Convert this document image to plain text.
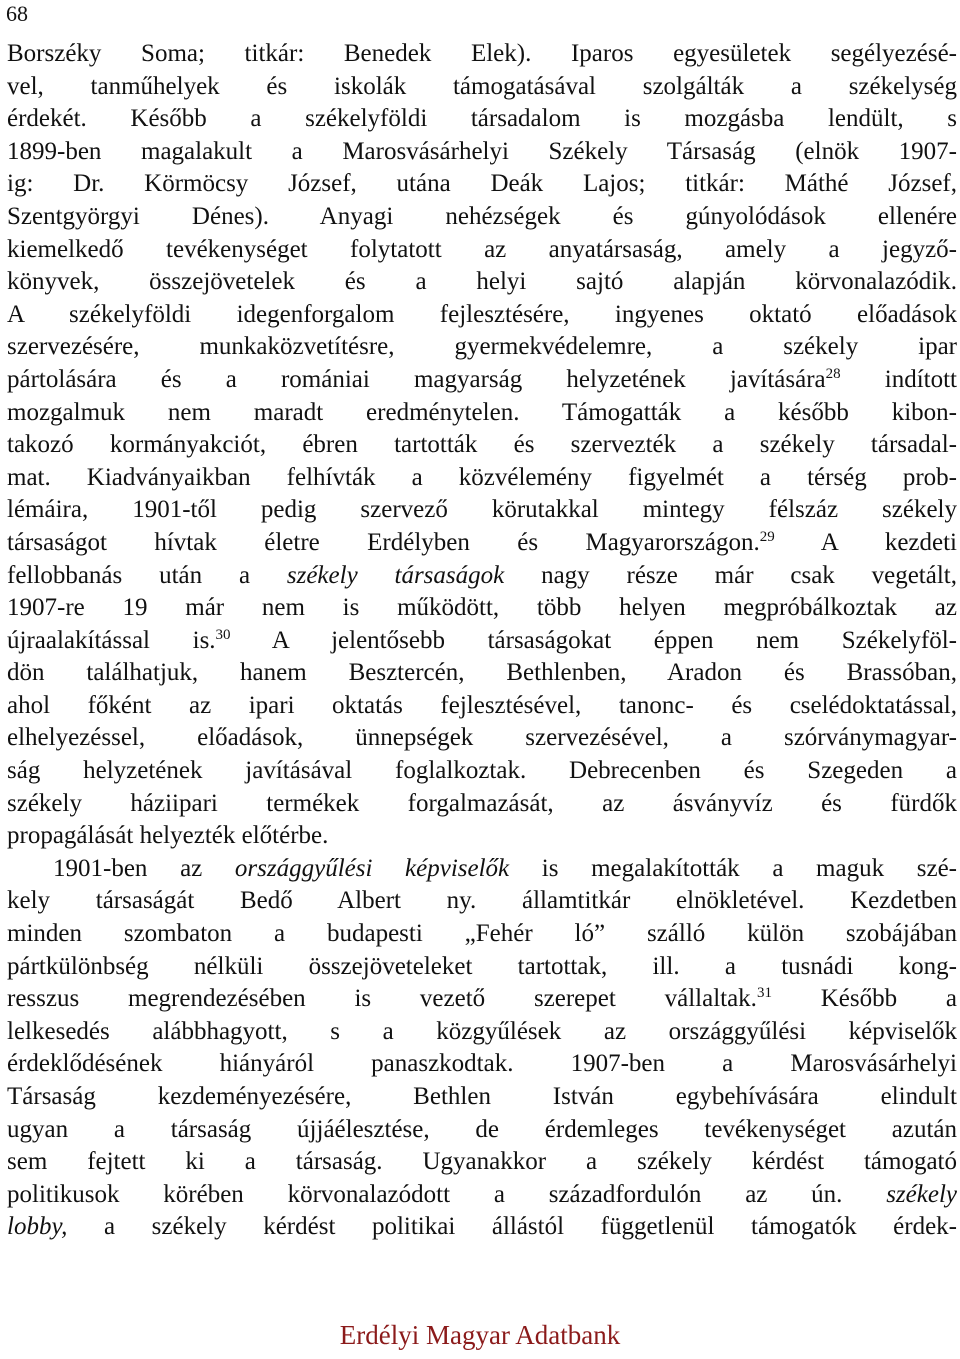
68
Borszéky Soma; titkár: Benedek Elek). Iparos egyesületek segélyezésé-
vel, tanműhelyek és iskolák támogatásával szolgálták a székelység
érdekét. Később a székelyföldi társadalom is mozgásba lendült, s
1899-ben magalakult a Marosvásárhelyi Székely Társaság (elnök 1907-
ig: Dr. Körmöcsy József, utána Deák Lajos; titkár: Máthé József,
Szentgyörgyi Dénes). Anyagi nehézségek és gúnyolódások ellenére
kiemelkedő tevékenységet folytatott az anyatársaság, amely a jegyző-
könyvek, összejövetelek és a helyi sajtó alapján körvonalazódik.
A székelyföldi idegenforgalom fejlesztésére, ingyenes oktató előadások
szervezésére, munkaközvetítésre, gyermekvédelemre, a székely ipar
pártolására és a romániai magyarság helyzetének javítására$^{28}$ indított
mozgalmuk nem maradt eredménytelen. Támogatták a később kibon-
takozó kormányakciót, ébren tartották és szervezték a székely társadal-
mat. Kiadványaikban felhívták a közvélemény figyelmét a térség prob-
lémáira, 1901-től pedig szervező körutakkal mintegy félszáz székely
társaságot hívtak életre Erdélyben és Magyarországon.$^{29}$ A kezdeti
fellobbanás után a székely társaságok nagy része már csak vegetált,
1907-re 19 már nem is működött, több helyen megpróbálkoztak az
újraalakítással is.$^{30}$ A jelentősebb társaságokat éppen nem Székelyföl-
dön találhatjuk, hanem Besztercén, Bethlenben, Aradon és Brassóban,
ahol főként az ipari oktatás fejlesztésével, tanonc- és cselédoktatással,
elhelyezéssel, előadások, ünnepségek szervezésével, a szórványmagyar-
ság helyzetének javításával foglalkoztak. Debrecenben és Szegeden a
székely háziipari termékek forgalmazását, az ásványvíz és fürdők
propagálását helyezték előtérbe.
1901-ben az országgyűlési képviselők is megalakították a maguk szé-
kely társaságát Bedő Albert ny. államtitkár elnökletével. Kezdetben
minden szombaton a budapesti „Fehér ló” szálló külön szobájában
pártkülönbség nélküli összejöveteleket tartottak, ill. a tusnádi kong-
resszus megrendezésében is vezető szerepet vállaltak.$^{31}$ Később a
lelkesedés alábbhagyott, s a közgyűlések az országgyűlési képviselők
érdeklődésének hiányáról panaszkodtak. 1907-ben a Marosvásárhelyi
Társaság kezdeményezésére, Bethlen István egybehívására elindult
ugyan a társaság újjáélesztése, de érdemleges tevékenységet azután
sem fejtett ki a társaság. Ugyanakkor a székely kérdést támogató
politikusok körében körvonalazódott a századfordulón az ún. székely
lobby, a székely kérdést politikai állástól függetlenül támogatók érdek-
Erdélyi Magyar Adatbank
